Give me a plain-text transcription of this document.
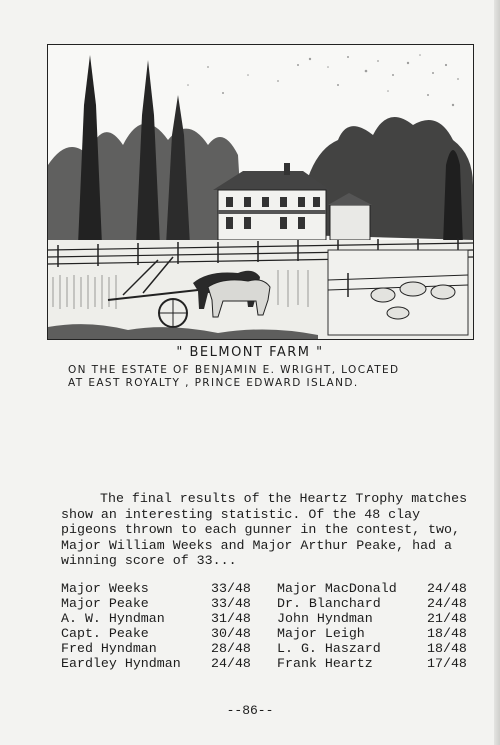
" BELMONT FARM "
ON THE ESTATE OF BENJAMIN E. WRIGHT, LOCATED
AT EAST ROYALTY , PRINCE EDWARD ISLAND.
The final results of the Heartz Trophy matches show an interesting statistic. Of the 48 clay pigeons thrown to each gunner in the contest, two, Major William Weeks and Major Arthur Peake, had a winning score of 33...
Major Weeks	33/48	Major MacDonald	24/48
Major Peake	33/48	Dr. Blanchard	24/48
A. W. Hyndman	31/48	John Hyndman	21/48
Capt. Peake	30/48	Major Leigh	18/48
Fred Hyndman	28/48	L. G. Haszard	18/48
Eardley Hyndman	24/48	Frank Heartz	17/48
--86--
